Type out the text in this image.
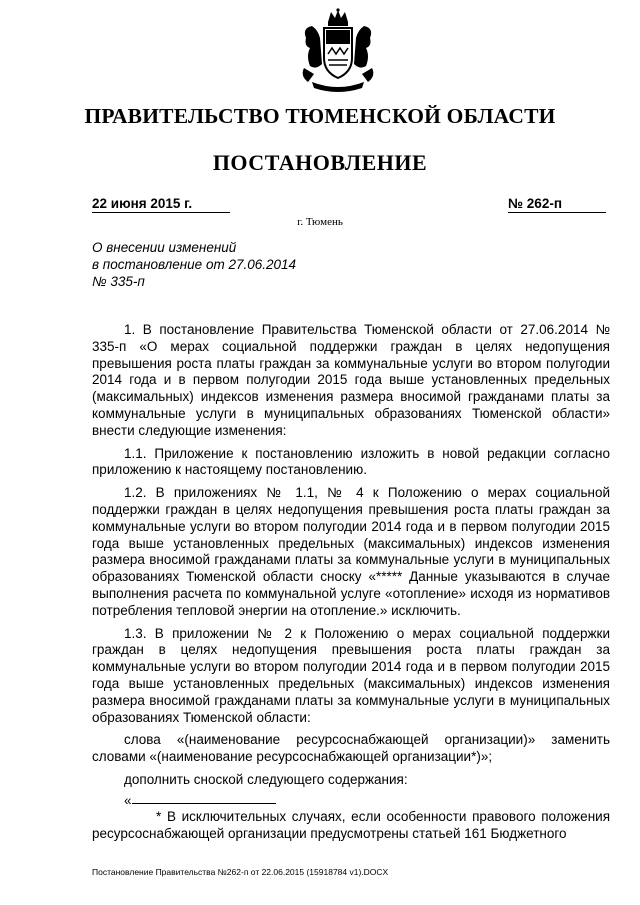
ПРАВИТЕЛЬСТВО ТЮМЕНСКОЙ ОБЛАСТИ
ПОСТАНОВЛЕНИЕ
22 июня 2015 г.	№ 262-п
г. Тюмень
О внесении изменений
в постановление от 27.06.2014
№ 335-п

1. В постановление Правительства Тюменской области от 27.06.2014 № 335-п «О мерах социальной поддержки граждан в целях недопущения превышения роста платы граждан за коммунальные услуги во втором полугодии 2014 года и в первом полугодии 2015 года выше установленных предельных (максимальных) индексов изменения размера вносимой гражданами платы за коммунальные услуги в муниципальных образованиях Тюменской области» внести следующие изменения:

1.1. Приложение к постановлению изложить в новой редакции согласно приложению к настоящему постановлению.

1.2. В приложениях № 1.1, № 4 к Положению о мерах социальной поддержки граждан в целях недопущения превышения роста платы граждан за коммунальные услуги во втором полугодии 2014 года и в первом полугодии 2015 года выше установленных предельных (максимальных) индексов изменения размера вносимой гражданами платы за коммунальные услуги в муниципальных образованиях Тюменской области сноску «***** Данные указываются в случае выполнения расчета по коммунальной услуге «отопление» исходя из нормативов потребления тепловой энергии на отопление.» исключить.

1.3. В приложении № 2 к Положению о мерах социальной поддержки граждан в целях недопущения превышения роста платы граждан за коммунальные услуги во втором полугодии 2014 года и в первом полугодии 2015 года выше установленных предельных (максимальных) индексов изменения размера вносимой гражданами платы за коммунальные услуги в муниципальных образованиях Тюменской области:

слова «(наименование ресурсоснабжающей организации)» заменить словами «(наименование ресурсоснабжающей организации*)»;

дополнить сноской следующего содержания:

«

* В исключительных случаях, если особенности правового положения ресурсоснабжающей организации предусмотрены статьей 161 Бюджетного

Постановление Правительства №262-п от 22.06.2015 (15918784 v1).DOCX
